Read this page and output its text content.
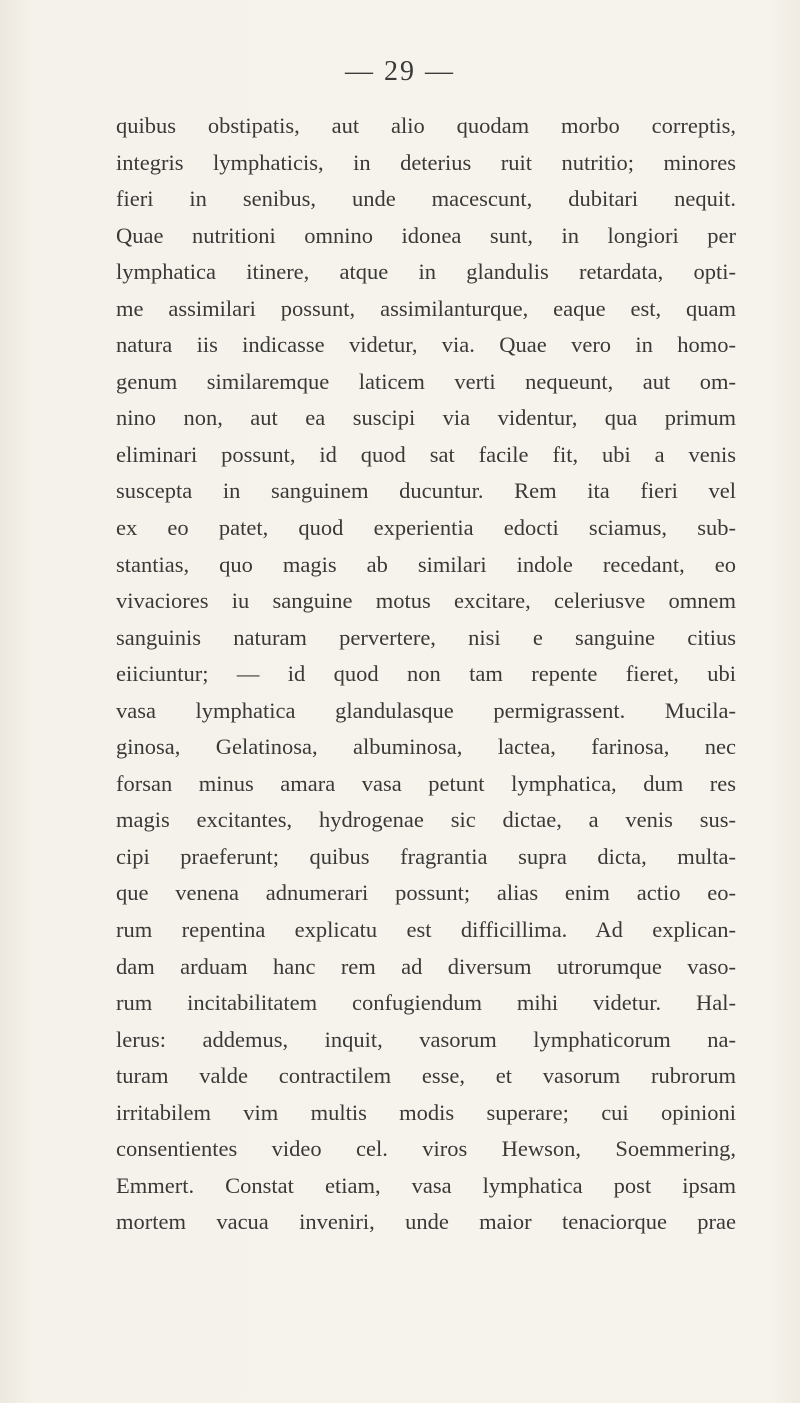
— 29 —
quibus obstipatis, aut alio quodam morbo correptis,
integris lymphaticis, in deterius ruit nutritio; minores
fieri in senibus, unde macescunt, dubitari nequit.
Quae nutritioni omnino idonea sunt, in longiori per
lymphatica itinere, atque in glandulis retardata, opti-
me assimilari possunt, assimilanturque, eaque est, quam
natura iis indicasse videtur, via. Quae vero in homo-
genum similaremque laticem verti nequeunt, aut om-
nino non, aut ea suscipi via videntur, qua primum
eliminari possunt, id quod sat facile fit, ubi a venis
suscepta in sanguinem ducuntur. Rem ita fieri vel
ex eo patet, quod experientia edocti sciamus, sub-
stantias, quo magis ab similari indole recedant, eo
vivaciores iu sanguine motus excitare, celeriusve omnem
sanguinis naturam pervertere, nisi e sanguine citius
eiiciuntur; — id quod non tam repente fieret, ubi
vasa lymphatica glandulasque permigrassent. Mucila-
ginosa, Gelatinosa, albuminosa, lactea, farinosa, nec
forsan minus amara vasa petunt lymphatica, dum res
magis excitantes, hydrogenae sic dictae, a venis sus-
cipi praeferunt; quibus fragrantia supra dicta, multa-
que venena adnumerari possunt; alias enim actio eo-
rum repentina explicatu est difficillima. Ad explican-
dam arduam hanc rem ad diversum utrorumque vaso-
rum incitabilitatem confugiendum mihi videtur. Hal-
lerus: addemus, inquit, vasorum lymphaticorum na-
turam valde contractilem esse, et vasorum rubrorum
irritabilem vim multis modis superare; cui opinioni
consentientes video cel. viros Hewson, Soemmering,
Emmert. Constat etiam, vasa lymphatica post ipsam
mortem vacua inveniri, unde maior tenaciorque prae
